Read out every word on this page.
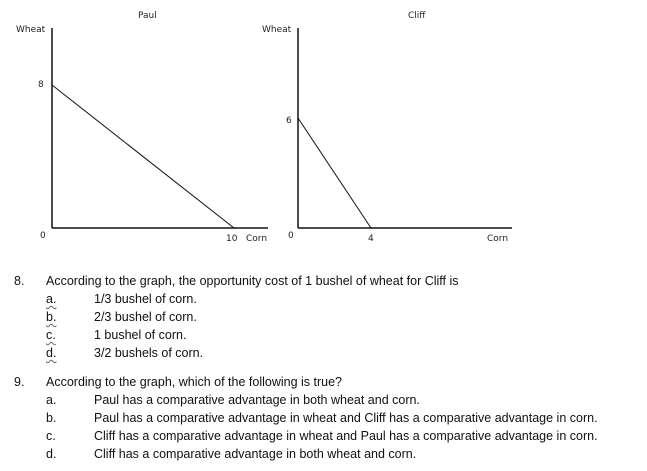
Paul
Wheat
8
0	10 Corn
Cliff
Wheat
6
0	4	Corn
8. According to the graph, the opportunity cost of 1 bushel of wheat for Cliff is
a.	1/3 bushel of corn.
b.	2/3 bushel of corn.
c.	1 bushel of corn.
d.	3/2 bushels of corn.
9. According to the graph, which of the following is true?
a.	Paul has a comparative advantage in both wheat and corn.
b.	Paul has a comparative advantage in wheat and Cliff has a comparative advantage in corn.
c.	Cliff has a comparative advantage in wheat and Paul has a comparative advantage in corn.
d.	Cliff has a comparative advantage in both wheat and corn.
